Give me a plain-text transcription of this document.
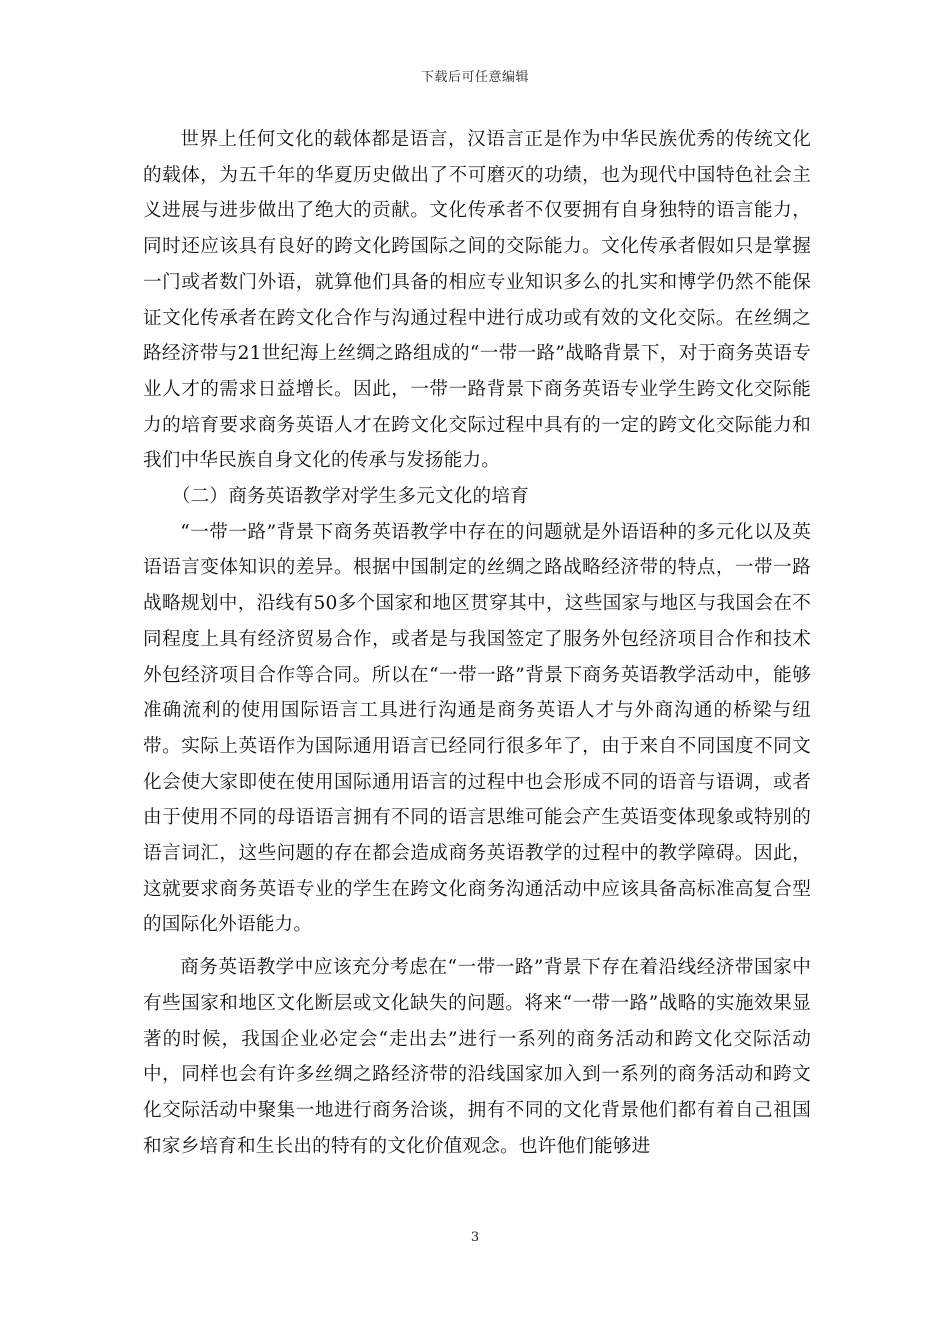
下载后可任意编辑

世界上任何文化的载体都是语言，汉语言正是作为中华民族优秀的传统文化的载体，为五千年的华夏历史做出了不可磨灭的功绩，也为现代中国特色社会主义进展与进步做出了绝大的贡献。文化传承者不仅要拥有自身独特的语言能力，同时还应该具有良好的跨文化跨国际之间的交际能力。文化传承者假如只是掌握一门或者数门外语，就算他们具备的相应专业知识多么的扎实和博学仍然不能保证文化传承者在跨文化合作与沟通过程中进行成功或有效的文化交际。在丝绸之路经济带与21世纪海上丝绸之路组成的“一带一路”战略背景下，对于商务英语专业人才的需求日益增长。因此，一带一路背景下商务英语专业学生跨文化交际能力的培育要求商务英语人才在跨文化交际过程中具有的一定的跨文化交际能力和我们中华民族自身文化的传承与发扬能力。

（二）商务英语教学对学生多元文化的培育

“一带一路”背景下商务英语教学中存在的问题就是外语语种的多元化以及英语语言变体知识的差异。根据中国制定的丝绸之路战略经济带的特点，一带一路战略规划中，沿线有50多个国家和地区贯穿其中，这些国家与地区与我国会在不同程度上具有经济贸易合作，或者是与我国签定了服务外包经济项目合作和技术外包经济项目合作等合同。所以在“一带一路”背景下商务英语教学活动中，能够准确流利的使用国际语言工具进行沟通是商务英语人才与外商沟通的桥梁与纽带。实际上英语作为国际通用语言已经同行很多年了，由于来自不同国度不同文化会使大家即使在使用国际通用语言的过程中也会形成不同的语音与语调，或者由于使用不同的母语语言拥有不同的语言思维可能会产生英语变体现象或特别的语言词汇，这些问题的存在都会造成商务英语教学的过程中的教学障碍。因此，这就要求商务英语专业的学生在跨文化商务沟通活动中应该具备高标准高复合型的国际化外语能力。

商务英语教学中应该充分考虑在“一带一路”背景下存在着沿线经济带国家中有些国家和地区文化断层或文化缺失的问题。将来“一带一路”战略的实施效果显著的时候，我国企业必定会“走出去”进行一系列的商务活动和跨文化交际活动中，同样也会有许多丝绸之路经济带的沿线国家加入到一系列的商务活动和跨文化交际活动中聚集一地进行商务洽谈，拥有不同的文化背景他们都有着自己祖国和家乡培育和生长出的特有的文化价值观念。也许他们能够进

3
